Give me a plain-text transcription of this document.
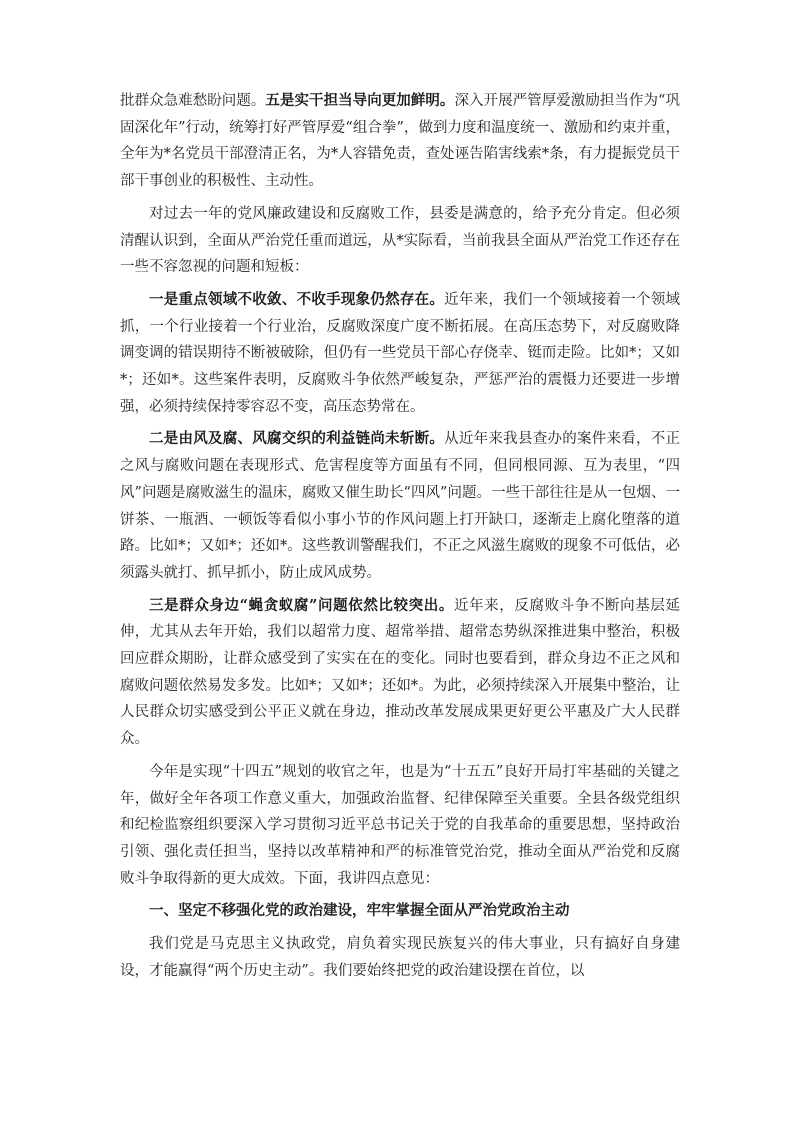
批群众急难愁盼问题。五是实干担当导向更加鲜明。深入开展严管厚爱激励担当作为“巩固深化年”行动，统筹打好严管厚爱“组合拳”，做到力度和温度统一、激励和约束并重，全年为*名党员干部澄清正名，为*人容错免责，查处诬告陷害线索*条，有力提振党员干部干事创业的积极性、主动性。

对过去一年的党风廉政建设和反腐败工作，县委是满意的，给予充分肯定。但必须清醒认识到，全面从严治党任重而道远，从*实际看，当前我县全面从严治党工作还存在一些不容忽视的问题和短板：

一是重点领域不收敛、不收手现象仍然存在。近年来，我们一个领域接着一个领域抓，一个行业接着一个行业治，反腐败深度广度不断拓展。在高压态势下，对反腐败降调变调的错误期待不断被破除，但仍有一些党员干部心存侥幸、铤而走险。比如*；又如*；还如*。这些案件表明，反腐败斗争依然严峻复杂，严惩严治的震慑力还要进一步增强，必须持续保持零容忍不变，高压态势常在。

二是由风及腐、风腐交织的利益链尚未斩断。从近年来我县查办的案件来看，不正之风与腐败问题在表现形式、危害程度等方面虽有不同，但同根同源、互为表里，“四风”问题是腐败滋生的温床，腐败又催生助长“四风”问题。一些干部往往是从一包烟、一饼茶、一瓶酒、一顿饭等看似小事小节的作风问题上打开缺口，逐渐走上腐化堕落的道路。比如*；又如*；还如*。这些教训警醒我们，不正之风滋生腐败的现象不可低估，必须露头就打、抓早抓小，防止成风成势。

三是群众身边“蝇贪蚁腐”问题依然比较突出。近年来，反腐败斗争不断向基层延伸，尤其从去年开始，我们以超常力度、超常举措、超常态势纵深推进集中整治，积极回应群众期盼，让群众感受到了实实在在的变化。同时也要看到，群众身边不正之风和腐败问题依然易发多发。比如*；又如*；还如*。为此，必须持续深入开展集中整治，让人民群众切实感受到公平正义就在身边，推动改革发展成果更好更公平惠及广大人民群众。

今年是实现“十四五”规划的收官之年，也是为“十五五”良好开局打牢基础的关键之年，做好全年各项工作意义重大，加强政治监督、纪律保障至关重要。全县各级党组织和纪检监察组织要深入学习贯彻习近平总书记关于党的自我革命的重要思想，坚持政治引领、强化责任担当，坚持以改革精神和严的标准管党治党，推动全面从严治党和反腐败斗争取得新的更大成效。下面，我讲四点意见：

一、坚定不移强化党的政治建设，牢牢掌握全面从严治党政治主动

我们党是马克思主义执政党，肩负着实现民族复兴的伟大事业，只有搞好自身建设，才能赢得“两个历史主动”。我们要始终把党的政治建设摆在首位，以
